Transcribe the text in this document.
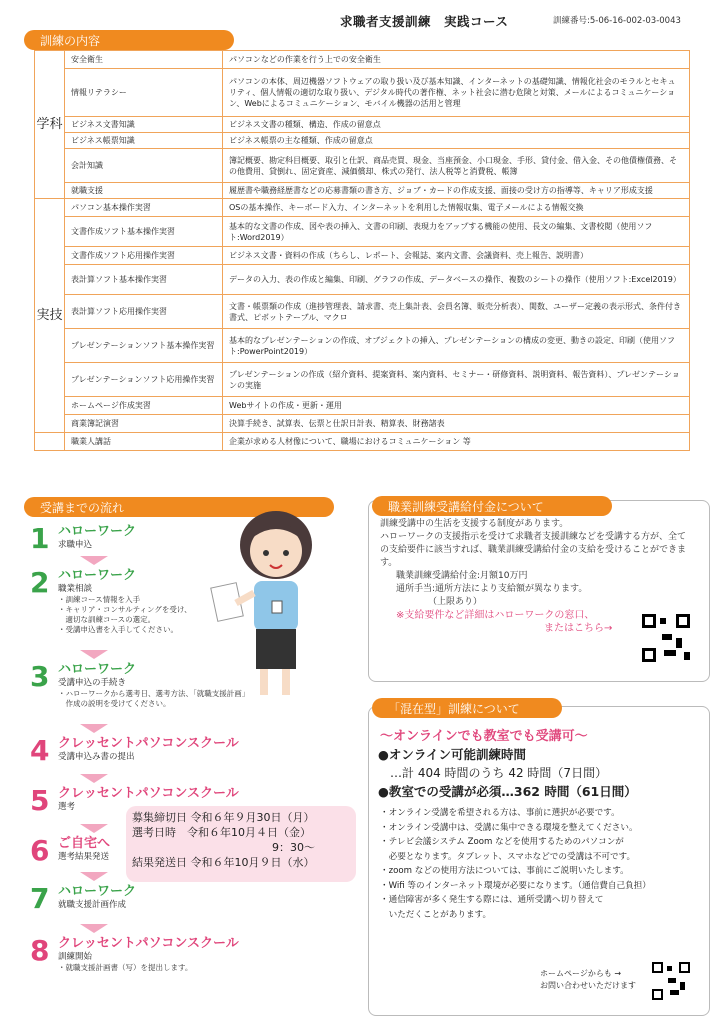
求職者支援訓練　実践コース	訓練番号:5-06-16-002-03-0043
訓練の内容
学科	安全衛生	パソコンなどの作業を行う上での安全衛生
	情報リテラシー	パソコンの本体、周辺機器ソフトウェアの取り扱い及び基本知識、インターネットの基礎知識、情報化社会のモラルとセキュリティ、個人情報の適切な取り扱い、デジタル時代の著作権、ネット社会に潜む危険と対策、メールによるコミュニケーション、Webによるコミュニケーション、モバイル機器の活用と管理
	ビジネス文書知識	ビジネス文書の種類、構造、作成の留意点
	ビジネス帳票知識	ビジネス帳票の主な種類、作成の留意点
	会計知識	簿記概要、勘定科目概要、取引と仕訳、商品売買、現金、当座預金、小口現金、手形、貸付金、借入金、その他債権債務、その他費用、貸倒れ、固定資産、減価償却、株式の発行、法人税等と消費税、帳簿
	就職支援	履歴書や職務経歴書などの応募書類の書き方、ジョブ・カードの作成支援、面接の受け方の指導等、キャリア形成支援
実技	パソコン基本操作実習	OSの基本操作、キーボード入力、インターネットを利用した情報収集、電子メールによる情報交換
	文書作成ソフト基本操作実習	基本的な文書の作成、図や表の挿入、文書の印刷、表現力をアップする機能の使用、長文の編集、文書校閲（使用ソフト:Word2019）
	文書作成ソフト応用操作実習	ビジネス文書・資料の作成（ちらし、レポート、会報誌、案内文書、会議資料、売上報告、説明書）
	表計算ソフト基本操作実習	データの入力、表の作成と編集、印刷、グラフの作成、データベースの操作、複数のシートの操作（使用ソフト:Excel2019）
	表計算ソフト応用操作実習	文書・帳票類の作成（進捗管理表、請求書、売上集計表、会員名簿、販売分析表）、関数、ユーザー定義の表示形式、条件付き書式、ピボットテーブル、マクロ
	プレゼンテーションソフト基本操作実習	基本的なプレゼンテーションの作成、オブジェクトの挿入、プレゼンテーションの構成の変更、動きの設定、印刷（使用ソフト:PowerPoint2019）
	プレゼンテーションソフト応用操作実習	プレゼンテーションの作成（紹介資料、提案資料、案内資料、セミナー・研修資料、説明資料、報告資料）、プレゼンテーションの実施
	ホームページ作成実習	Webサイトの作成・更新・運用
	商業簿記演習	決算手続き、試算表、伝票と仕訳日計表、精算表、財務諸表
	職業人講話	企業が求める人材像について、職場におけるコミュニケーション 等
受講までの流れ
1 ハローワーク
求職申込
2 ハローワーク
職業相談
・訓練コース情報を入手
・キャリア・コンサルティングを受け、
　適切な訓練コースの選定。
・受講申込書を入手してください。
3 ハローワーク
受講申込の手続き
・ハローワークから選考日、選考方法、「就職支援計画」
　作成の説明を受けてください。
4 クレッセントパソコンスクール
受講申込み書の提出
5 クレッセントパソコンスクール
選考
6 ご自宅へ
選考結果発送
7 ハローワーク
就職支援計画作成
8 クレッセントパソコンスクール
訓練開始
・就職支援計画書（写）を提出します。
募集締切日 令和６年９月30日（月）
選考日時　令和６年10月４日（金）
9：30～
結果発送日 令和６年10月９日（水）
職業訓練受講給付金について
訓練受講中の生活を支援する制度があります。
ハローワークの支援指示を受けて求職者支援訓練などを受講する方が、全ての支給要件に該当すれば、職業訓練受講給付金の支給を受けることができます。
職業訓練受講給付金:月額10万円
通所手当:通所方法により支給額が異なります。
（上限あり）
※支給要件など詳細はハローワークの窓口、
またはこちら→
「混在型」訓練について
～オンラインでも教室でも受講可～
●オンライン可能訓練時間
…計 404 時間のうち 42 時間（7日間）
●教室での受講が必須…362 時間（61日間）
・オンライン受講を希望される方は、事前に選択が必要です。
・オンライン受講中は、受講に集中できる環境を整えてください。
・テレビ会議システム Zoom などを使用するためのパソコンが
　必要となります。タブレット、スマホなどでの受講は不可です。
・zoom などの使用方法については、事前にご説明いたします。
・Wifi 等のインターネット環境が必要になります。（通信費自己負担）
・通信障害が多く発生する際には、通所受講へ切り替えて
　いただくことがあります。
ホームページからも →
お問い合わせいただけます
